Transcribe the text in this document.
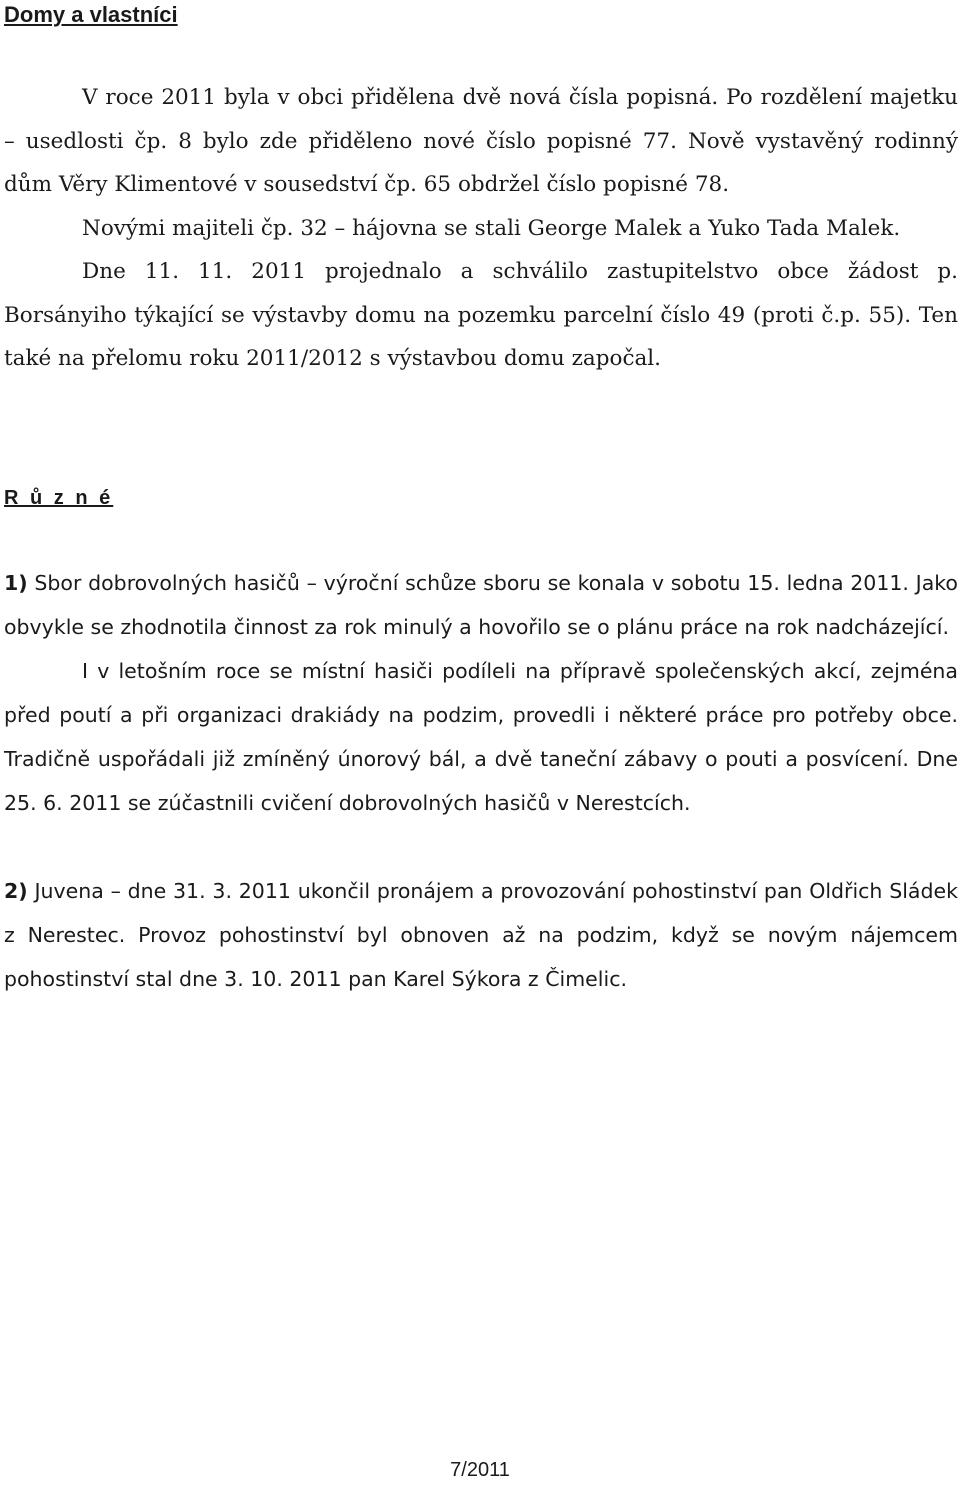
Domy a vlastníci

V roce 2011 byla v obci přidělena dvě nová čísla popisná. Po rozdělení majetku – usedlosti čp. 8 bylo zde přiděleno nové číslo popisné 77. Nově vystavěný rodinný dům Věry Klimentové v sousedství čp. 65 obdržel číslo popisné 78.

Novými majiteli čp. 32 – hájovna se stali George Malek a Yuko Tada Malek.

Dne 11. 11. 2011 projednalo a schválilo zastupitelstvo obce žádost p. Borsányiho týkající se výstavby domu na pozemku parcelní číslo 49 (proti č.p. 55). Ten také na přelomu roku 2011/2012 s výstavbou domu započal.

R ů z n é

1) Sbor dobrovolných hasičů – výroční schůze sboru se konala v sobotu 15. ledna 2011. Jako obvykle se zhodnotila činnost za rok minulý a hovořilo se o plánu práce na rok nadcházející.

I v letošním roce se místní hasiči podíleli na přípravě společenských akcí, zejména před poutí a při organizaci drakiády na podzim, provedli i některé práce pro potřeby obce. Tradičně uspořádali již zmíněný únorový bál, a dvě taneční zábavy o pouti a posvícení. Dne 25. 6. 2011 se zúčastnili cvičení dobrovolných hasičů v Nerestcích.

2) Juvena – dne 31. 3. 2011 ukončil pronájem a provozování pohostinství pan Oldřich Sládek z Nerestec. Provoz pohostinství byl obnoven až na podzim, když se novým nájemcem pohostinství stal dne 3. 10. 2011 pan Karel Sýkora z Čimelic.

7/2011
